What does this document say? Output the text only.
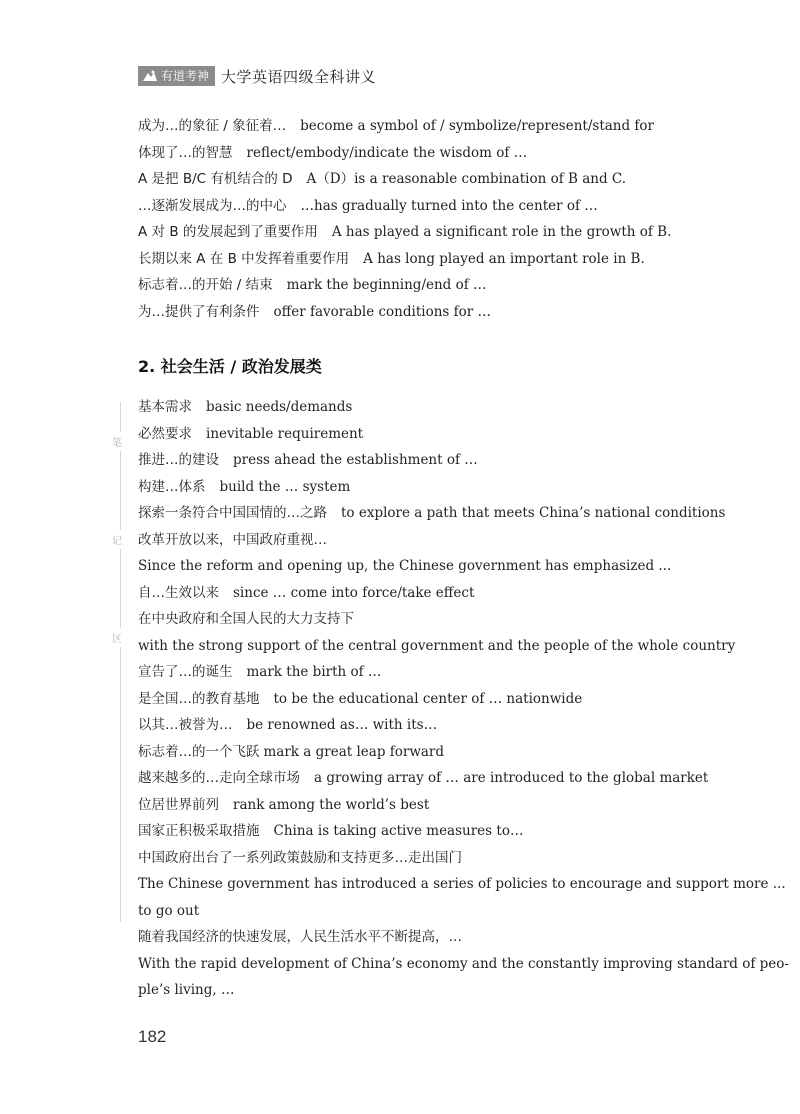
有道考神 大学英语四级全科讲义
成为…的象征 / 象征着… become a symbol of / symbolize/represent/stand for
体现了…的智慧 reflect/embody/indicate the wisdom of …
A 是把 B/C 有机结合的 D A（D）is a reasonable combination of B and C.
…逐渐发展成为…的中心 …has gradually turned into the center of …
A 对 B 的发展起到了重要作用 A has played a significant role in the growth of B.
长期以来 A 在 B 中发挥着重要作用 A has long played an important role in B.
标志着…的开始 / 结束 mark the beginning/end of …
为…提供了有利条件 offer favorable conditions for …
2. 社会生活 / 政治发展类
笔
记
区
基本需求 basic needs/demands
必然要求 inevitable requirement
推进…的建设 press ahead the establishment of …
构建…体系 build the … system
探索一条符合中国国情的…之路 to explore a path that meets China’s national conditions
改革开放以来，中国政府重视…
Since the reform and opening up, the Chinese government has emphasized ...
自…生效以来 since … come into force/take effect
在中央政府和全国人民的大力支持下
with the strong support of the central government and the people of the whole country
宣告了…的诞生 mark the birth of …
是全国…的教育基地 to be the educational center of … nationwide
以其…被誉为… be renowned as… with its…
标志着…的一个飞跃 mark a great leap forward
越来越多的…走向全球市场 a growing array of … are introduced to the global market
位居世界前列 rank among the world’s best
国家正积极采取措施 China is taking active measures to…
中国政府出台了一系列政策鼓励和支持更多…走出国门
The Chinese government has introduced a series of policies to encourage and support more ...
to go out
随着我国经济的快速发展，人民生活水平不断提高，…
With the rapid development of China’s economy and the constantly improving standard of peo-
ple’s living, …
182
